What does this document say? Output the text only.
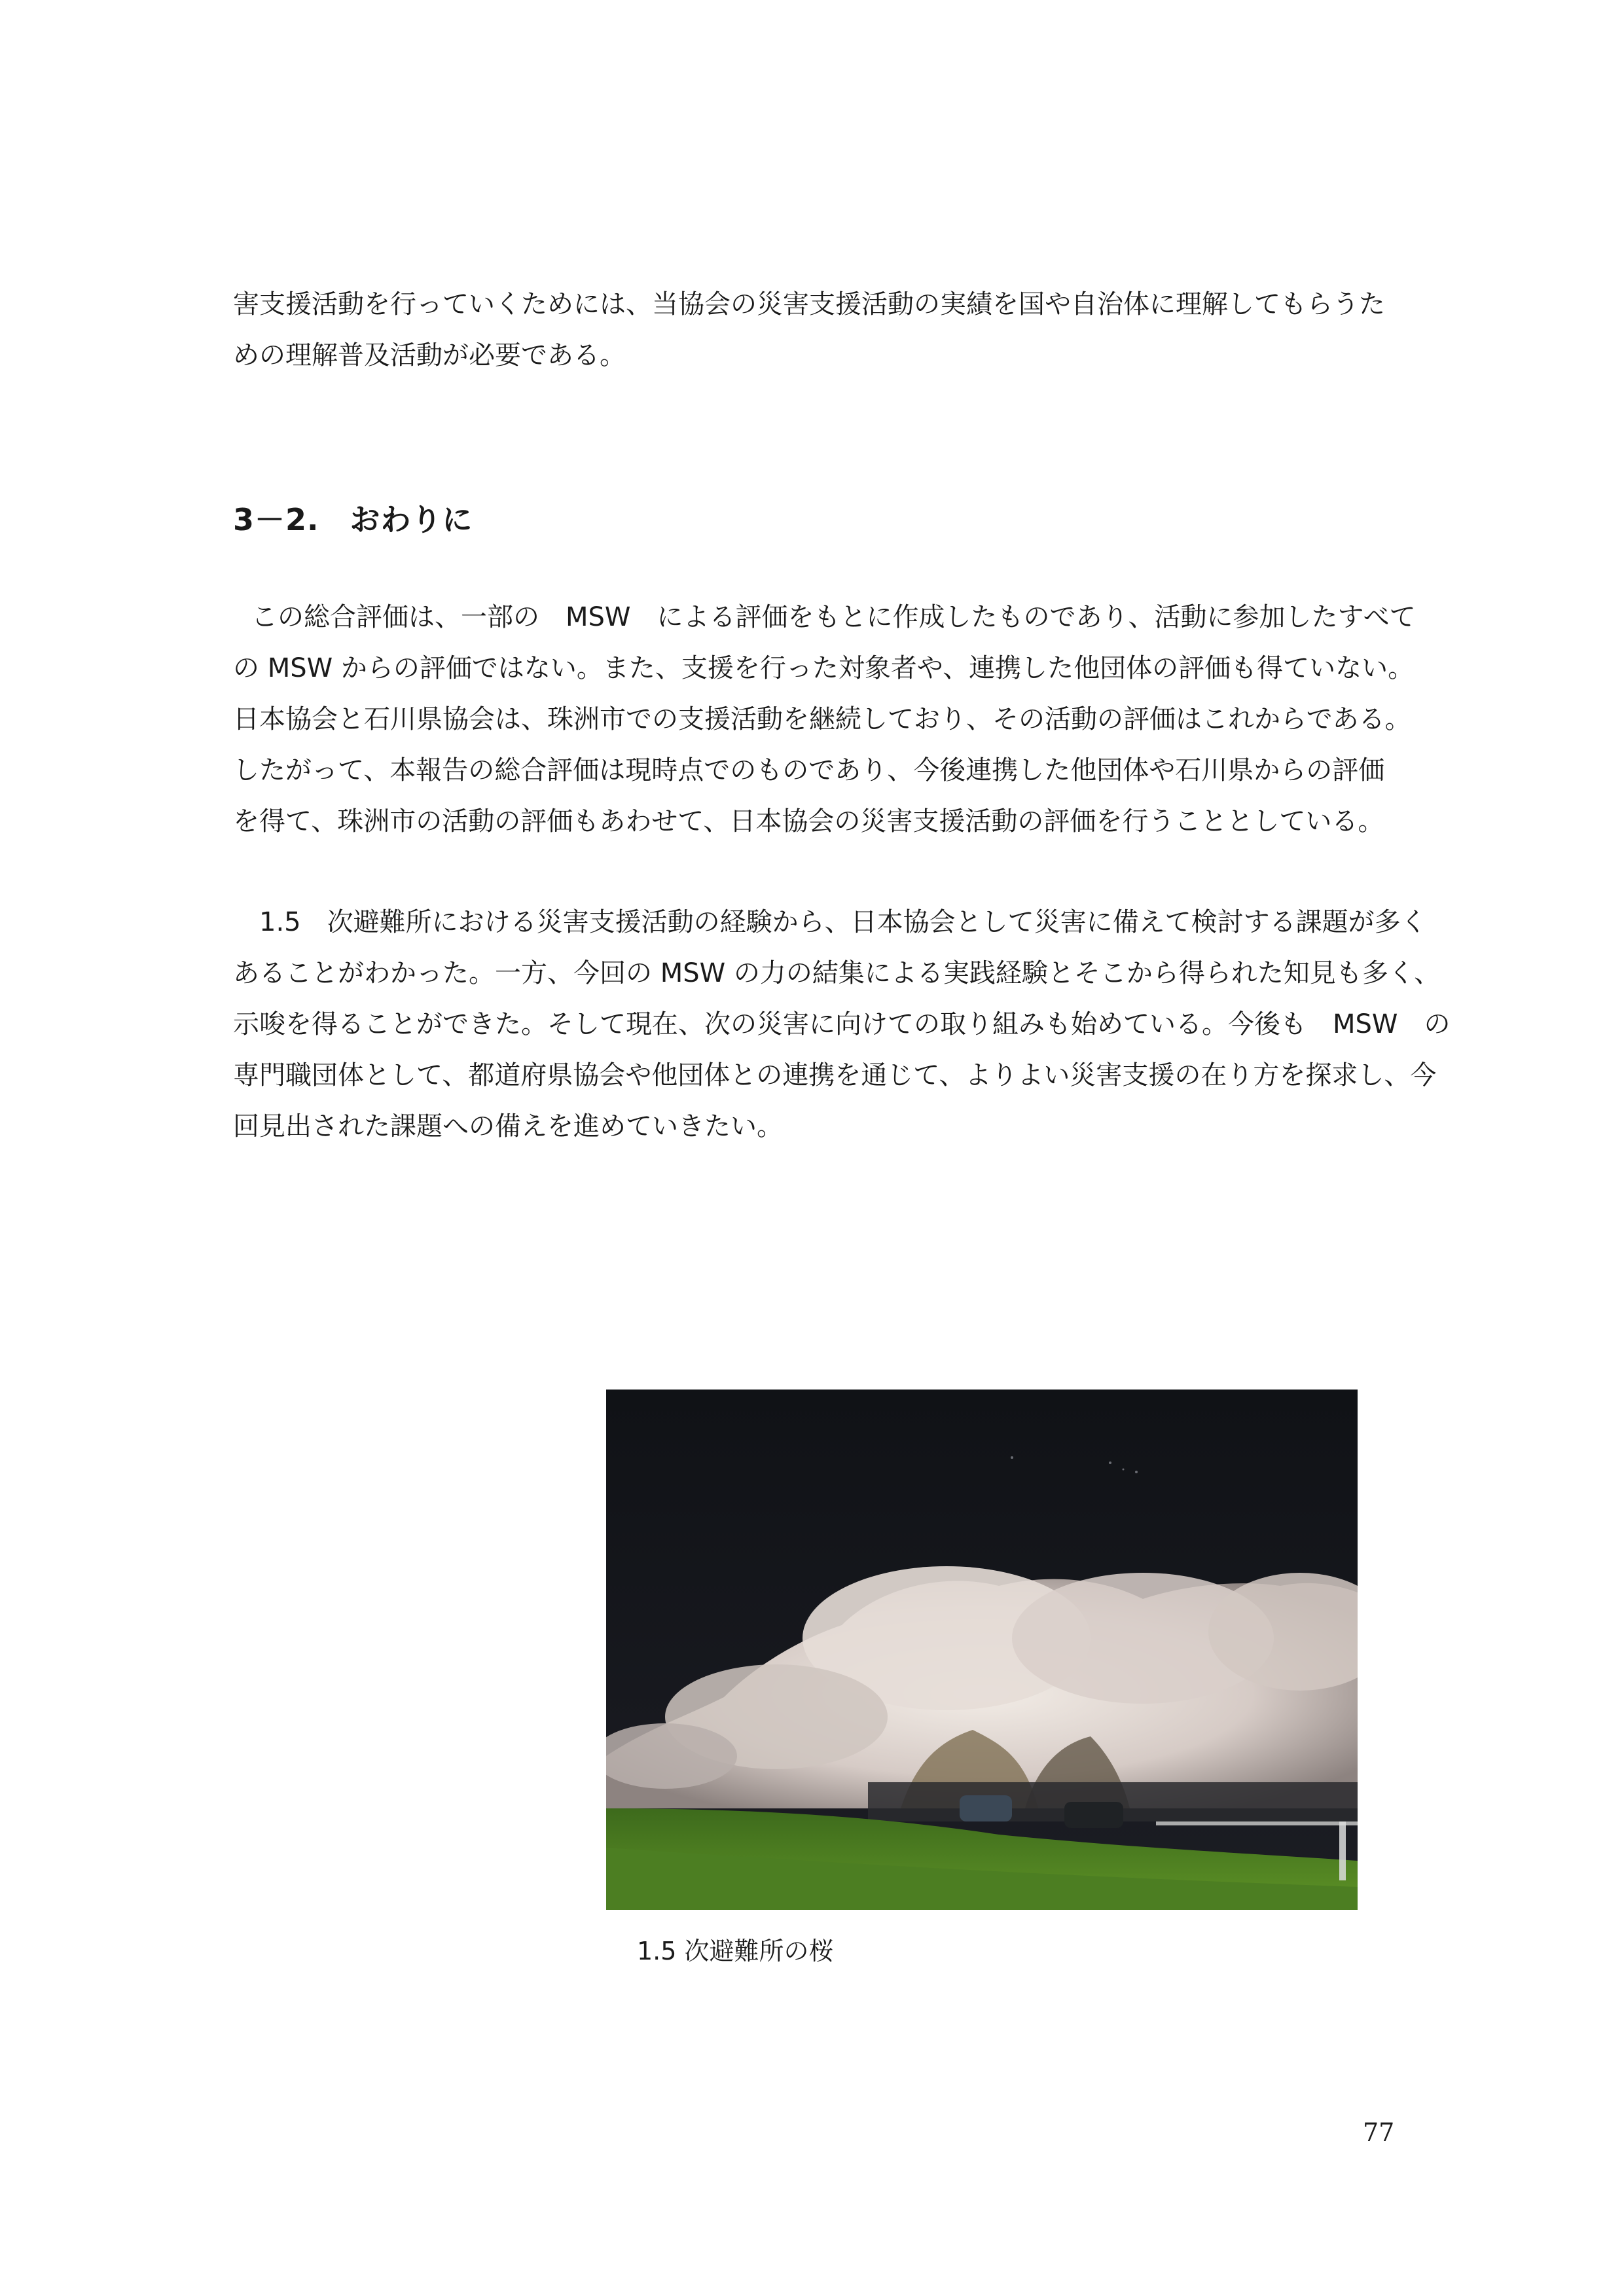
害支援活動を行っていくためには、当協会の災害支援活動の実績を国や自治体に理解してもらうた
めの理解普及活動が必要である。

3－2.　おわりに

この総合評価は、一部の　MSW　による評価をもとに作成したものであり、活動に参加したすべて
の MSW からの評価ではない。また、支援を行った対象者や、連携した他団体の評価も得ていない。
日本協会と石川県協会は、珠洲市での支援活動を継続しており、その活動の評価はこれからである。
したがって、本報告の総合評価は現時点でのものであり、今後連携した他団体や石川県からの評価
を得て、珠洲市の活動の評価もあわせて、日本協会の災害支援活動の評価を行うこととしている。

1.5　次避難所における災害支援活動の経験から、日本協会として災害に備えて検討する課題が多く
あることがわかった。一方、今回の MSW の力の結集による実践経験とそこから得られた知見も多く、
示唆を得ることができた。そして現在、次の災害に向けての取り組みも始めている。今後も　MSW　の
専門職団体として、都道府県協会や他団体との連携を通じて、よりよい災害支援の在り方を探求し、今
回見出された課題への備えを進めていきたい。

1.5 次避難所の桜

77
